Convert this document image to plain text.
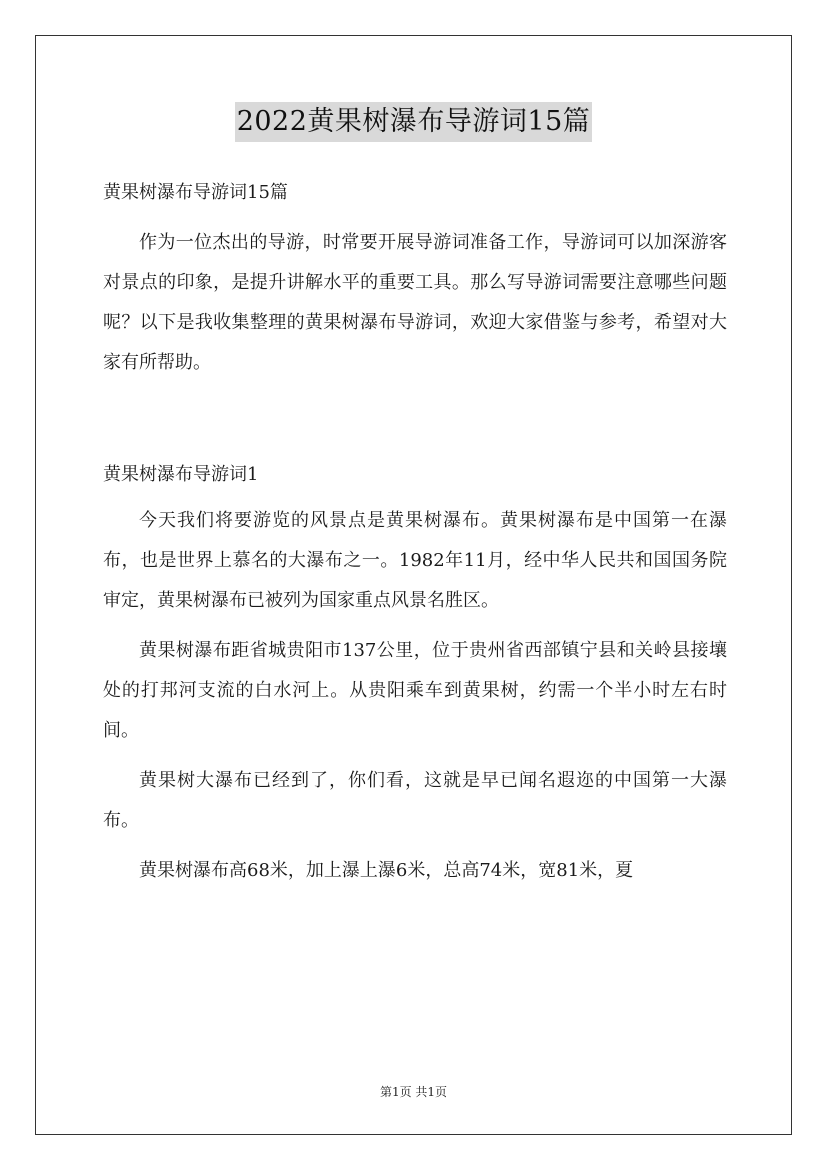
2022黄果树瀑布导游词15篇

黄果树瀑布导游词15篇

作为一位杰出的导游，时常要开展导游词准备工作，导游词可以加深游客对景点的印象，是提升讲解水平的重要工具。那么写导游词需要注意哪些问题呢？以下是我收集整理的黄果树瀑布导游词，欢迎大家借鉴与参考，希望对大家有所帮助。

黄果树瀑布导游词1

今天我们将要游览的风景点是黄果树瀑布。黄果树瀑布是中国第一在瀑布，也是世界上慕名的大瀑布之一。1982年11月，经中华人民共和国国务院审定，黄果树瀑布已被列为国家重点风景名胜区。

黄果树瀑布距省城贵阳市137公里，位于贵州省西部镇宁县和关岭县接壤处的打邦河支流的白水河上。从贵阳乘车到黄果树，约需一个半小时左右时间。

黄果树大瀑布已经到了，你们看，这就是早已闻名遐迩的中国第一大瀑布。

黄果树瀑布高68米，加上瀑上瀑6米，总高74米，宽81米，夏

第1页 共1页
